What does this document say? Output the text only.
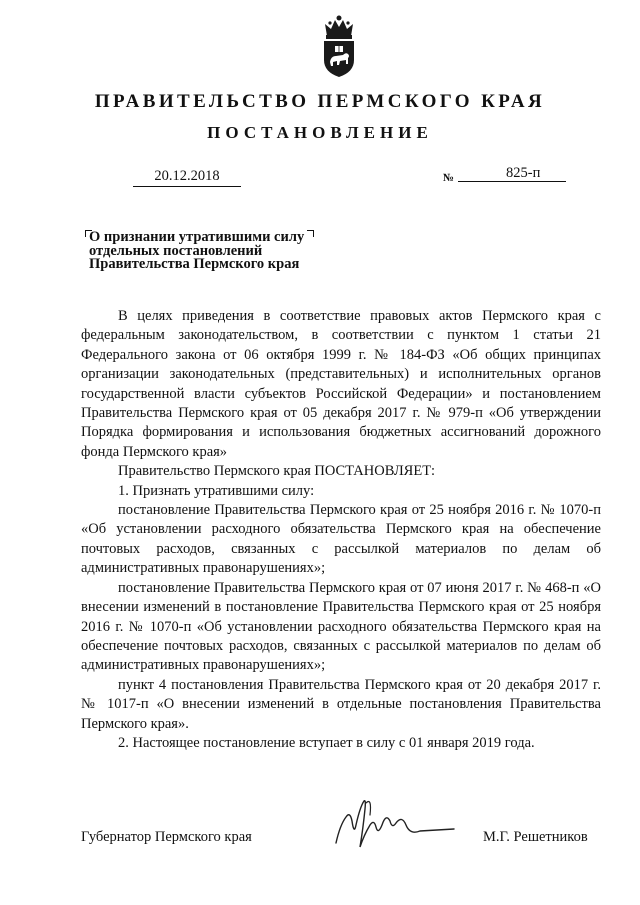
ПРАВИТЕЛЬСТВО ПЕРМСКОГО КРАЯ
ПОСТАНОВЛЕНИЕ
20.12.2018	№	825-п
О признании утратившими силу
отдельных постановлений
Правительства Пермского края

В целях приведения в соответствие правовых актов Пермского края с федеральным законодательством, в соответствии с пунктом 1 статьи 21 Федерального закона от 06 октября 1999 г. № 184-ФЗ «Об общих принципах организации законодательных (представительных) и исполнительных органов государственной власти субъектов Российской Федерации» и постановлением Правительства Пермского края от 05 декабря 2017 г. № 979-п «Об утверждении Порядка формирования и использования бюджетных ассигнований дорожного фонда Пермского края»

Правительство Пермского края ПОСТАНОВЛЯЕТ:

1. Признать утратившими силу:

постановление Правительства Пермского края от 25 ноября 2016 г. № 1070-п «Об установлении расходного обязательства Пермского края на обеспечение почтовых расходов, связанных с рассылкой материалов по делам об административных правонарушениях»;

постановление Правительства Пермского края от 07 июня 2017 г. № 468-п «О внесении изменений в постановление Правительства Пермского края от 25 ноября 2016 г. № 1070-п «Об установлении расходного обязательства Пермского края на обеспечение почтовых расходов, связанных с рассылкой материалов по делам об административных правонарушениях»;

пункт 4 постановления Правительства Пермского края от 20 декабря 2017 г. № 1017-п «О внесении изменений в отдельные постановления Правительства Пермского края».

2. Настоящее постановление вступает в силу с 01 января 2019 года.

Губернатор Пермского края	М.Г. Решетников
